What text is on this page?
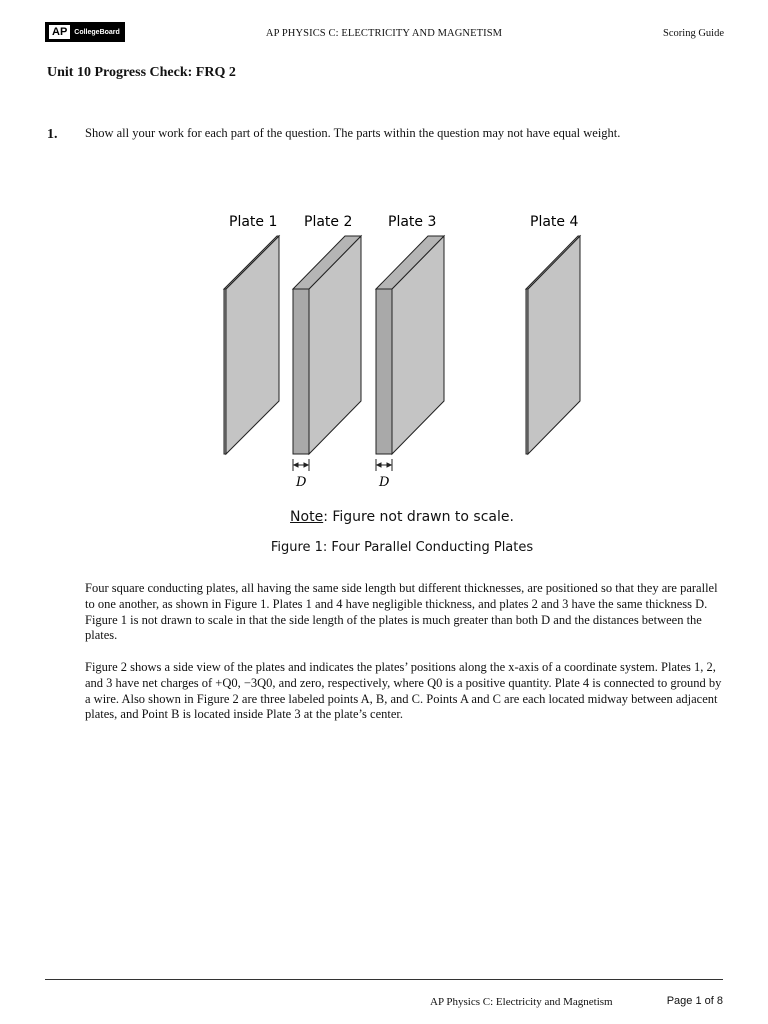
AP	CollegeBoard	AP PHYSICS C: ELECTRICITY AND MAGNETISM	Scoring Guide
Unit 10 Progress Check: FRQ 2
1. Show all your work for each part of the question. The parts within the question may not have equal weight.
Plate 1 Plate 2	Plate 3	Plate 4
D	D
Note: Figure not drawn to scale.
Figure 1: Four Parallel Conducting Plates
Four square conducting plates, all having the same side length but different thicknesses, are positioned so that they are parallel to one another, as shown in Figure 1. Plates 1 and 4 have negligible thickness, and plates 2 and 3 have the same thickness D. Figure 1 is not drawn to scale in that the side length of the plates is much greater than both D and the distances between the plates.
Figure 2 shows a side view of the plates and indicates the plates’ positions along the x-axis of a coordinate system. Plates 1, 2, and 3 have net charges of +Q0, −3Q0, and zero, respectively, where Q0 is a positive quantity. Plate 4 is connected to ground by a wire. Also shown in Figure 2 are three labeled points A, B, and C. Points A and C are each located midway between adjacent plates, and Point B is located inside Plate 3 at the plate’s center.
AP Physics C: Electricity and Magnetism	Page 1 of 8
